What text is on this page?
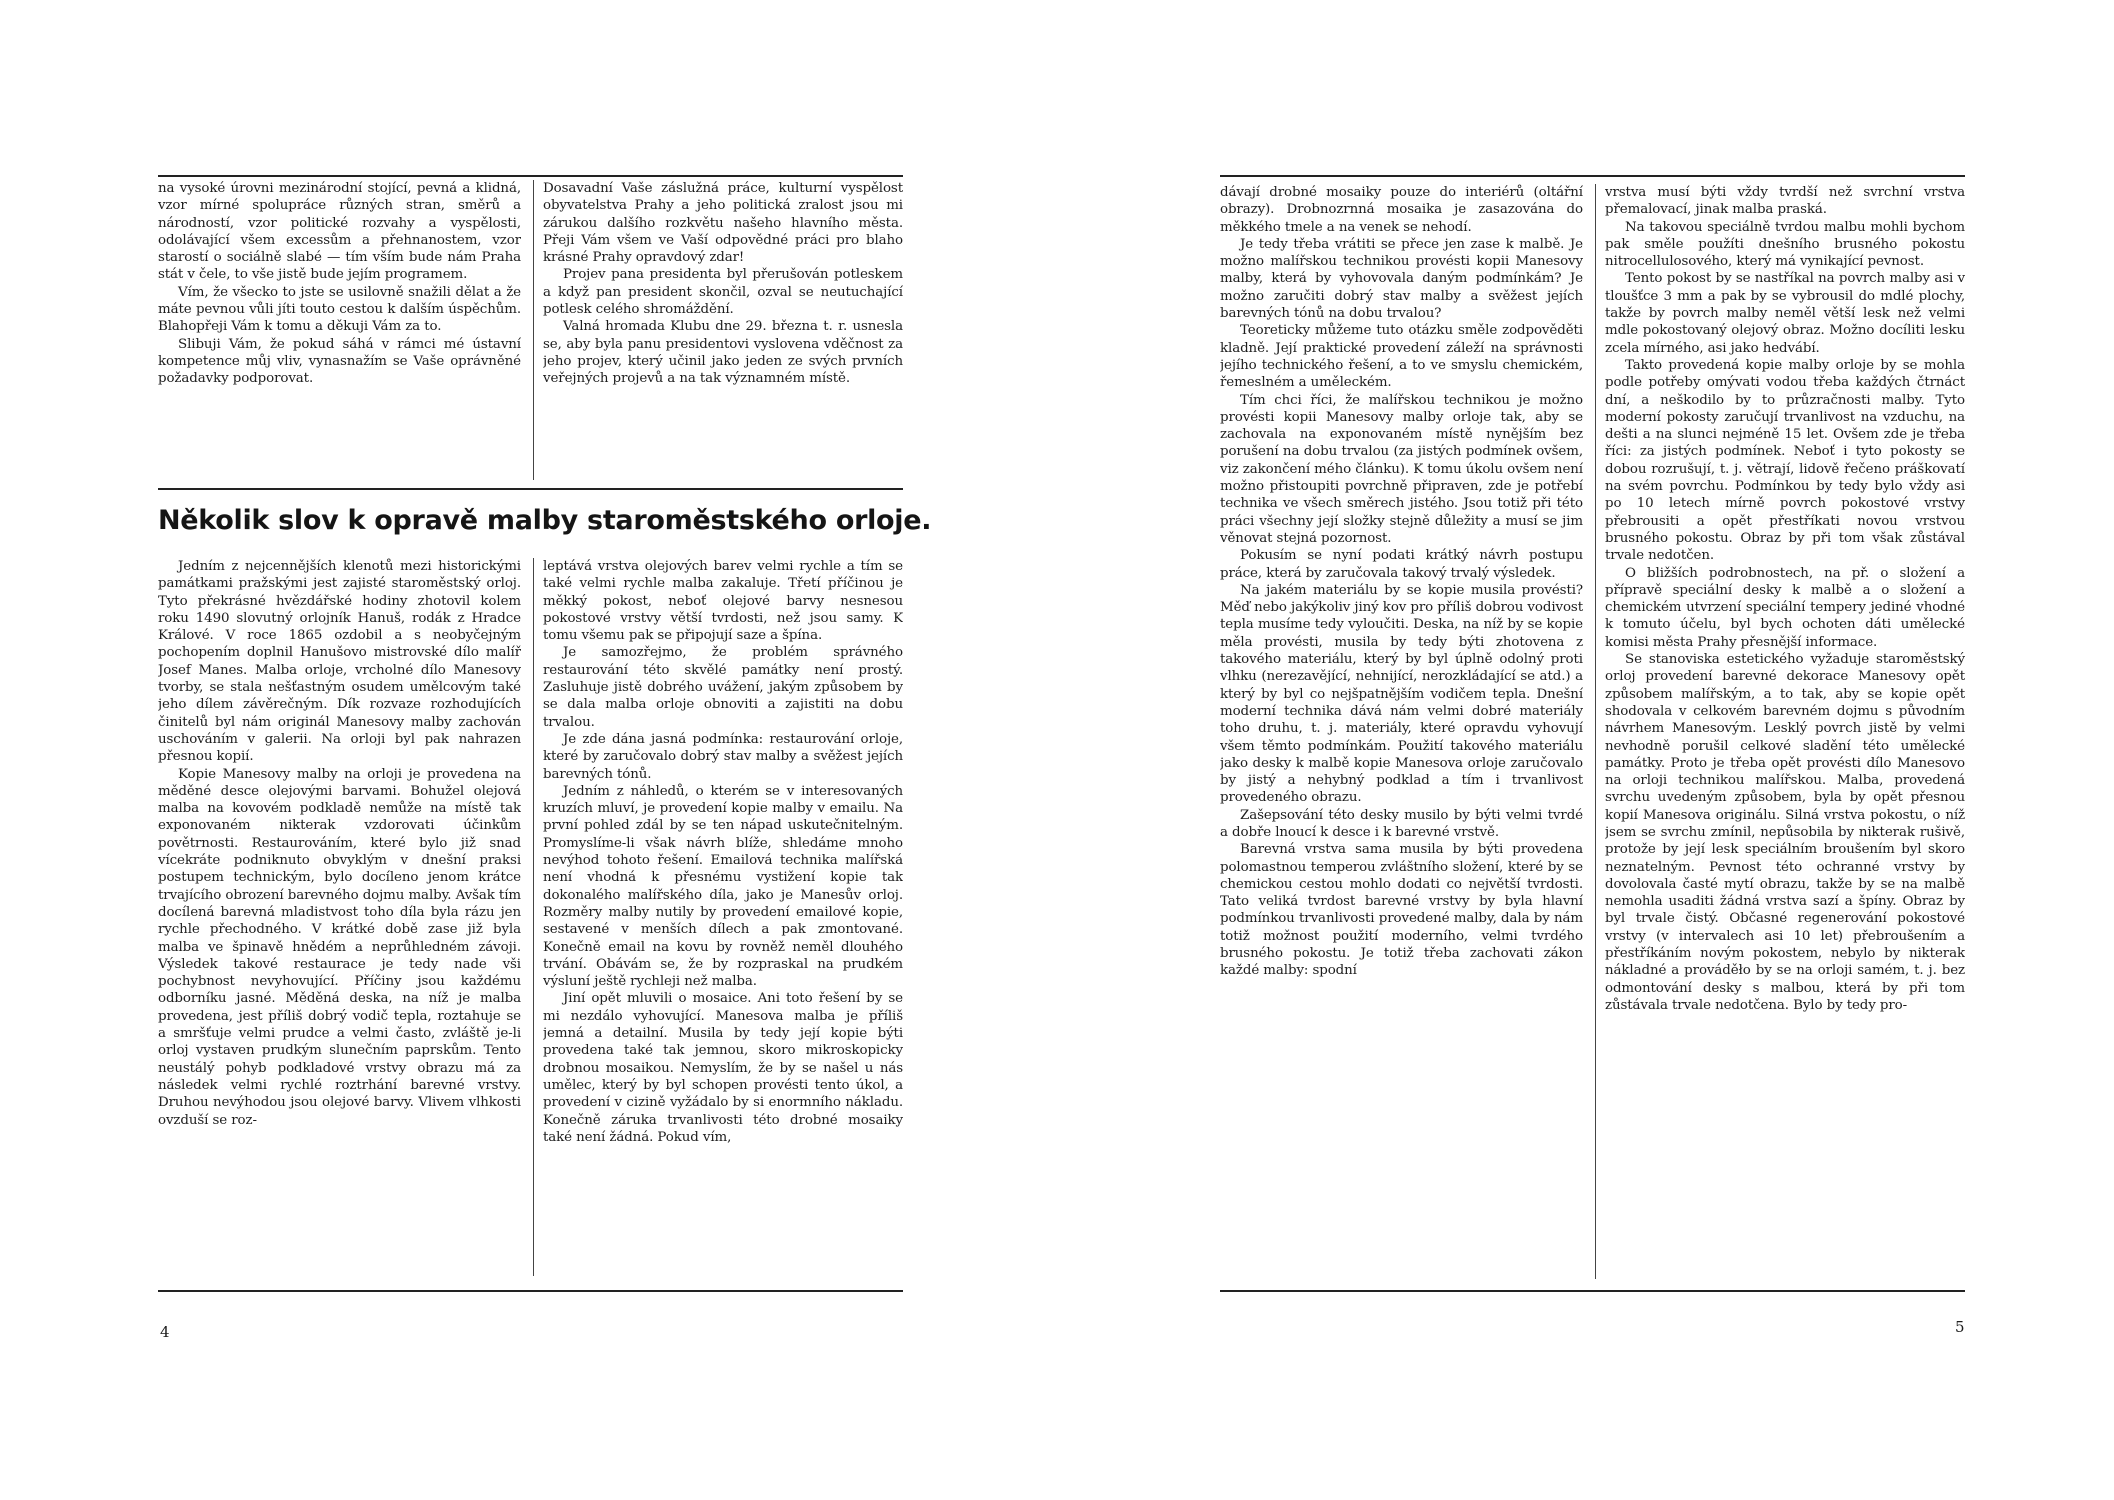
na vysoké úrovni mezinárodní stojící, pevná a klidná, vzor mírné spolupráce různých stran, směrů a národností, vzor politické rozvahy a vyspělosti, odolávající všem excessům a přehnanostem, vzor starostí o sociálně slabé — tím vším bude nám Praha stát v čele, to vše jistě bude jejím programem.

Vím, že všecko to jste se usilovně snažili dělat a že máte pevnou vůli jíti touto cestou k dalším úspěchům. Blahopřeji Vám k tomu a děkuji Vám za to.

Slibuji Vám, že pokud sáhá v rámci mé ústavní kompetence můj vliv, vynasnažím se Vaše oprávněné požadavky podporovat.

Dosavadní Vaše záslužná práce, kulturní vyspělost obyvatelstva Prahy a jeho politická zralost jsou mi zárukou dalšího rozkvětu našeho hlavního města. Přeji Vám všem ve Vaší odpovědné práci pro blaho krásné Prahy opravdový zdar!

Projev pana presidenta byl přerušován potleskem a když pan president skončil, ozval se neutuchající potlesk celého shromáždění.

Valná hromada Klubu dne 29. března t. r. usnesla se, aby byla panu presidentovi vyslovena vděčnost za jeho projev, který učinil jako jeden ze svých prvních veřejných projevů a na tak významném místě.

Několik slov k opravě malby staroměstského orloje.

Jedním z nejcennějších klenotů mezi historickými památkami pražskými jest zajisté staroměstský orloj. Tyto překrásné hvězdářské hodiny zhotovil kolem roku 1490 slovutný orlojník Hanuš, rodák z Hradce Králové. V roce 1865 ozdobil a s neobyčejným pochopením doplnil Hanušovo mistrovské dílo malíř Josef Manes. Malba orloje, vrcholné dílo Manesovy tvorby, se stala nešťastným osudem umělcovým také jeho dílem závěrečným. Dík rozvaze rozhodujících činitelů byl nám originál Manesovy malby zachován uschováním v galerii. Na orloji byl pak nahrazen přesnou kopií.

Kopie Manesovy malby na orloji je provedena na měděné desce olejovými barvami. Bohužel olejová malba na kovovém podkladě nemůže na místě tak exponovaném nikterak vzdorovati účinkům povětrnosti. Restaurováním, které bylo již snad vícekráte podniknuto obvyklým v dnešní praksi postupem technickým, bylo docíleno jenom krátce trvajícího obrození barevného dojmu malby. Avšak tím docílená barevná mladistvost toho díla byla rázu jen rychle přechodného. V krátké době zase již byla malba ve špinavě hnědém a neprůhledném závoji. Výsledek takové restaurace je tedy nade vši pochybnost nevyhovující. Příčiny jsou každému odborníku jasné. Měděná deska, na níž je malba provedena, jest příliš dobrý vodič tepla, roztahuje se a smršťuje velmi prudce a velmi často, zvláště je-li orloj vystaven prudkým slunečním paprskům. Tento neustálý pohyb podkladové vrstvy obrazu má za následek velmi rychlé roztrhání barevné vrstvy. Druhou nevýhodou jsou olejové barvy. Vlivem vlhkosti ovzduší se roz-

leptává vrstva olejových barev velmi rychle a tím se také velmi rychle malba zakaluje. Třetí příčinou je měkký pokost, neboť olejové barvy nesnesou pokostové vrstvy větší tvrdosti, než jsou samy. K tomu všemu pak se připojují saze a špína.

Je samozřejmo, že problém správného restaurování této skvělé památky není prostý. Zasluhuje jistě dobrého uvážení, jakým způsobem by se dala malba orloje obnoviti a zajistiti na dobu trvalou.

Je zde dána jasná podmínka: restaurování orloje, které by zaručovalo dobrý stav malby a svěžest jejích barevných tónů.

Jedním z náhledů, o kterém se v interesovaných kruzích mluví, je provedení kopie malby v emailu. Na první pohled zdál by se ten nápad uskutečnitelným. Promyslíme-li však návrh blíže, shledáme mnoho nevýhod tohoto řešení. Emailová technika malířská není vhodná k přesnému vystižení kopie tak dokonalého malířského díla, jako je Manesův orloj. Rozměry malby nutily by provedení emailové kopie, sestavené v menších dílech a pak zmontované. Konečně email na kovu by rovněž neměl dlouhého trvání. Obávám se, že by rozpraskal na prudkém výsluní ještě rychleji než malba.

Jiní opět mluvili o mosaice. Ani toto řešení by se mi nezdálo vyhovující. Manesova malba je příliš jemná a detailní. Musila by tedy její kopie býti provedena také tak jemnou, skoro mikroskopicky drobnou mosaikou. Nemyslím, že by se našel u nás umělec, který by byl schopen provésti tento úkol, a provedení v cizině vyžádalo by si enormního nákladu. Konečně záruka trvanlivosti této drobné mosaiky také není žádná. Pokud vím,

4

dávají drobné mosaiky pouze do interiérů (oltářní obrazy). Drobnozrnná mosaika je zasazována do měkkého tmele a na venek se nehodí.

Je tedy třeba vrátiti se přece jen zase k malbě. Je možno malířskou technikou provésti kopii Manesovy malby, která by vyhovovala daným podmínkám? Je možno zaručiti dobrý stav malby a svěžest jejích barevných tónů na dobu trvalou?

Teoreticky můžeme tuto otázku směle zodpověděti kladně. Její praktické provedení záleží na správnosti jejího technického řešení, a to ve smyslu chemickém, řemeslném a uměleckém.

Tím chci říci, že malířskou technikou je možno provésti kopii Manesovy malby orloje tak, aby se zachovala na exponovaném místě nynějším bez porušení na dobu trvalou (za jistých podmínek ovšem, viz zakončení mého článku). K tomu úkolu ovšem není možno přistoupiti povrchně připraven, zde je potřebí technika ve všech směrech jistého. Jsou totiž při této práci všechny její složky stejně důležity a musí se jim věnovat stejná pozornost.

Pokusím se nyní podati krátký návrh postupu práce, která by zaručovala takový trvalý výsledek.

Na jakém materiálu by se kopie musila provésti? Měď nebo jakýkoliv jiný kov pro příliš dobrou vodivost tepla musíme tedy vyloučiti. Deska, na níž by se kopie měla provésti, musila by tedy býti zhotovena z takového materiálu, který by byl úplně odolný proti vlhku (nerezavějící, nehnijící, nerozkládající se atd.) a který by byl co nejšpatnějším vodičem tepla. Dnešní moderní technika dává nám velmi dobré materiály toho druhu, t. j. materiály, které opravdu vyhovují všem těmto podmínkám. Použití takového materiálu jako desky k malbě kopie Manesova orloje zaručovalo by jistý a nehybný podklad a tím i trvanlivost provedeného obrazu.

Zašepsování této desky musilo by býti velmi tvrdé a dobře lnoucí k desce i k barevné vrstvě.

Barevná vrstva sama musila by býti provedena polomastnou temperou zvláštního složení, které by se chemickou cestou mohlo dodati co největší tvrdosti. Tato veliká tvrdost barevné vrstvy by byla hlavní podmínkou trvanlivosti provedené malby, dala by nám totiž možnost použití moderního, velmi tvrdého brusného pokostu. Je totiž třeba zachovati zákon každé malby: spodní

vrstva musí býti vždy tvrdší než svrchní vrstva přemalovací, jinak malba praská.

Na takovou speciálně tvrdou malbu mohli bychom pak směle použíti dnešního brusného pokostu nitrocellulosového, který má vynikající pevnost.

Tento pokost by se nastříkal na povrch malby asi v tloušťce 3 mm a pak by se vybrousil do mdlé plochy, takže by povrch malby neměl větší lesk než velmi mdle pokostovaný olejový obraz. Možno docíliti lesku zcela mírného, asi jako hedvábí.

Takto provedená kopie malby orloje by se mohla podle potřeby omývati vodou třeba každých čtrnáct dní, a neškodilo by to průzračnosti malby. Tyto moderní pokosty zaručují trvanlivost na vzduchu, na dešti a na slunci nejméně 15 let. Ovšem zde je třeba říci: za jistých podmínek. Neboť i tyto pokosty se dobou rozrušují, t. j. větrají, lidově řečeno práškovatí na svém povrchu. Podmínkou by tedy bylo vždy asi po 10 letech mírně povrch pokostové vrstvy přebrousiti a opět přestříkati novou vrstvou brusného pokostu. Obraz by při tom však zůstával trvale nedotčen.

O bližších podrobnostech, na př. o složení a přípravě speciální desky k malbě a o složení a chemickém utvrzení speciální tempery jediné vhodné k tomuto účelu, byl bych ochoten dáti umělecké komisi města Prahy přesnější informace.

Se stanoviska estetického vyžaduje staroměstský orloj provedení barevné dekorace Manesovy opět způsobem malířským, a to tak, aby se kopie opět shodovala v celkovém barevném dojmu s původním návrhem Manesovým. Lesklý povrch jistě by velmi nevhodně porušil celkové sladění této umělecké památky. Proto je třeba opět provésti dílo Manesovo na orloji technikou malířskou. Malba, provedená svrchu uvedeným způsobem, byla by opět přesnou kopií Manesova originálu. Silná vrstva pokostu, o níž jsem se svrchu zmínil, nepůsobila by nikterak rušivě, protože by její lesk speciálním broušením byl skoro neznatelným. Pevnost této ochranné vrstvy by dovolovala časté mytí obrazu, takže by se na malbě nemohla usaditi žádná vrstva sazí a špíny. Obraz by byl trvale čistý. Občasné regenerování pokostové vrstvy (v intervalech asi 10 let) přebroušením a přestříkáním novým pokostem, nebylo by nikterak nákladné a prováděło by se na orloji samém, t. j. bez odmontování desky s malbou, která by při tom zůstávala trvale nedotčena. Bylo by tedy pro-

5
